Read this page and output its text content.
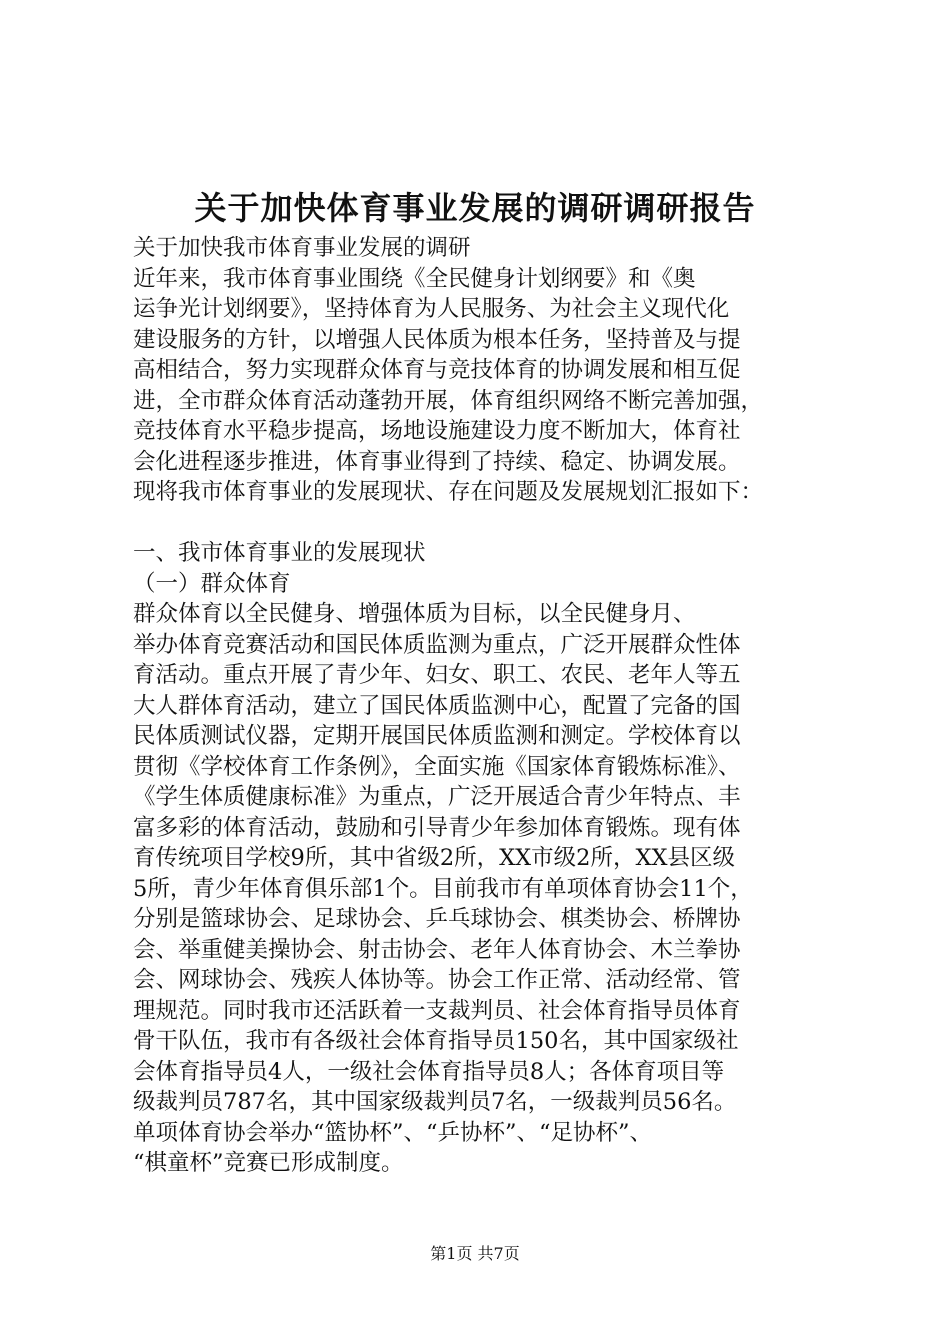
关于加快体育事业发展的调研调研报告
关于加快我市体育事业发展的调研
近年来，我市体育事业围绕《全民健身计划纲要》和《奥
运争光计划纲要》，坚持体育为人民服务、为社会主义现代化
建设服务的方针，以增强人民体质为根本任务，坚持普及与提
高相结合，努力实现群众体育与竞技体育的协调发展和相互促
进，全市群众体育活动蓬勃开展，体育组织网络不断完善加强，
竞技体育水平稳步提高，场地设施建设力度不断加大，体育社
会化进程逐步推进，体育事业得到了持续、稳定、协调发展。
现将我市体育事业的发展现状、存在问题及发展规划汇报如下：
一、我市体育事业的发展现状
（一）群众体育
群众体育以全民健身、增强体质为目标，以全民健身月、
举办体育竞赛活动和国民体质监测为重点，广泛开展群众性体
育活动。重点开展了青少年、妇女、职工、农民、老年人等五
大人群体育活动，建立了国民体质监测中心，配置了完备的国
民体质测试仪器，定期开展国民体质监测和测定。学校体育以
贯彻《学校体育工作条例》，全面实施《国家体育锻炼标准》、
《学生体质健康标准》为重点，广泛开展适合青少年特点、丰
富多彩的体育活动，鼓励和引导青少年参加体育锻炼。现有体
育传统项目学校9所，其中省级2所，XX市级2所，XX县区级
5所，青少年体育俱乐部1个。目前我市有单项体育协会11个，
分别是篮球协会、足球协会、乒乓球协会、棋类协会、桥牌协
会、举重健美操协会、射击协会、老年人体育协会、木兰拳协
会、网球协会、残疾人体协等。协会工作正常、活动经常、管
理规范。同时我市还活跃着一支裁判员、社会体育指导员体育
骨干队伍，我市有各级社会体育指导员150名，其中国家级社
会体育指导员4人，一级社会体育指导员8人；各体育项目等
级裁判员787名，其中国家级裁判员7名，一级裁判员56名。
单项体育协会举办“篮协杯”、“乒协杯”、“足协杯”、
“棋童杯”竞赛已形成制度。
第1页 共7页
